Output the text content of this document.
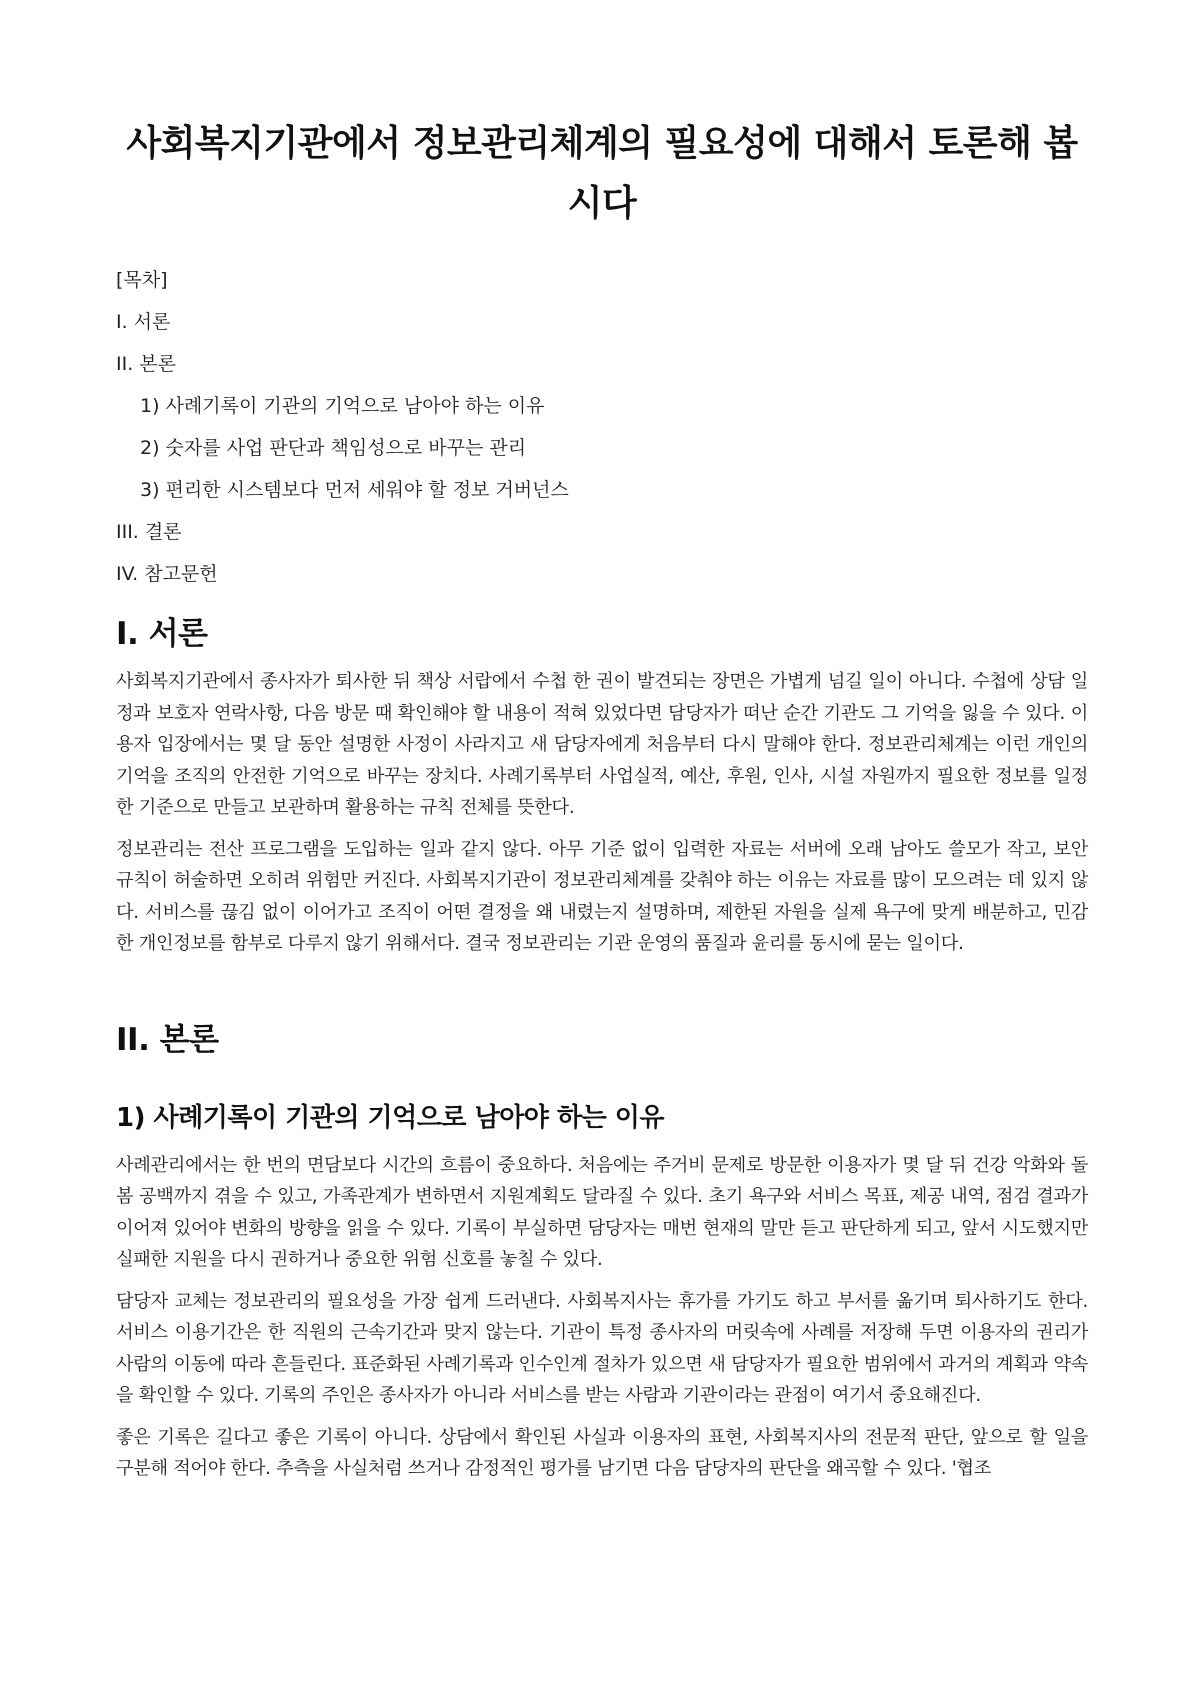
사회복지기관에서 정보관리체계의 필요성에 대해서 토론해 봅시다
[목차]
I. 서론
II. 본론
1) 사례기록이 기관의 기억으로 남아야 하는 이유
2) 숫자를 사업 판단과 책임성으로 바꾸는 관리
3) 편리한 시스템보다 먼저 세워야 할 정보 거버넌스
III. 결론
IV. 참고문헌
I. 서론

사회복지기관에서 종사자가 퇴사한 뒤 책상 서랍에서 수첩 한 권이 발견되는 장면은 가볍게 넘길 일이 아니다. 수첩에 상담 일정과 보호자 연락사항, 다음 방문 때 확인해야 할 내용이 적혀 있었다면 담당자가 떠난 순간 기관도 그 기억을 잃을 수 있다. 이용자 입장에서는 몇 달 동안 설명한 사정이 사라지고 새 담당자에게 처음부터 다시 말해야 한다. 정보관리체계는 이런 개인의 기억을 조직의 안전한 기억으로 바꾸는 장치다. 사례기록부터 사업실적, 예산, 후원, 인사, 시설 자원까지 필요한 정보를 일정한 기준으로 만들고 보관하며 활용하는 규칙 전체를 뜻한다.

정보관리는 전산 프로그램을 도입하는 일과 같지 않다. 아무 기준 없이 입력한 자료는 서버에 오래 남아도 쓸모가 작고, 보안 규칙이 허술하면 오히려 위험만 커진다. 사회복지기관이 정보관리체계를 갖춰야 하는 이유는 자료를 많이 모으려는 데 있지 않다. 서비스를 끊김 없이 이어가고 조직이 어떤 결정을 왜 내렸는지 설명하며, 제한된 자원을 실제 욕구에 맞게 배분하고, 민감한 개인정보를 함부로 다루지 않기 위해서다. 결국 정보관리는 기관 운영의 품질과 윤리를 동시에 묻는 일이다.

II. 본론
1) 사례기록이 기관의 기억으로 남아야 하는 이유

사례관리에서는 한 번의 면담보다 시간의 흐름이 중요하다. 처음에는 주거비 문제로 방문한 이용자가 몇 달 뒤 건강 악화와 돌봄 공백까지 겪을 수 있고, 가족관계가 변하면서 지원계획도 달라질 수 있다. 초기 욕구와 서비스 목표, 제공 내역, 점검 결과가 이어져 있어야 변화의 방향을 읽을 수 있다. 기록이 부실하면 담당자는 매번 현재의 말만 듣고 판단하게 되고, 앞서 시도했지만 실패한 지원을 다시 권하거나 중요한 위험 신호를 놓칠 수 있다.

담당자 교체는 정보관리의 필요성을 가장 쉽게 드러낸다. 사회복지사는 휴가를 가기도 하고 부서를 옮기며 퇴사하기도 한다. 서비스 이용기간은 한 직원의 근속기간과 맞지 않는다. 기관이 특정 종사자의 머릿속에 사례를 저장해 두면 이용자의 권리가 사람의 이동에 따라 흔들린다. 표준화된 사례기록과 인수인계 절차가 있으면 새 담당자가 필요한 범위에서 과거의 계획과 약속을 확인할 수 있다. 기록의 주인은 종사자가 아니라 서비스를 받는 사람과 기관이라는 관점이 여기서 중요해진다.

좋은 기록은 길다고 좋은 기록이 아니다. 상담에서 확인된 사실과 이용자의 표현, 사회복지사의 전문적 판단, 앞으로 할 일을 구분해 적어야 한다. 추측을 사실처럼 쓰거나 감정적인 평가를 남기면 다음 담당자의 판단을 왜곡할 수 있다. '협조
